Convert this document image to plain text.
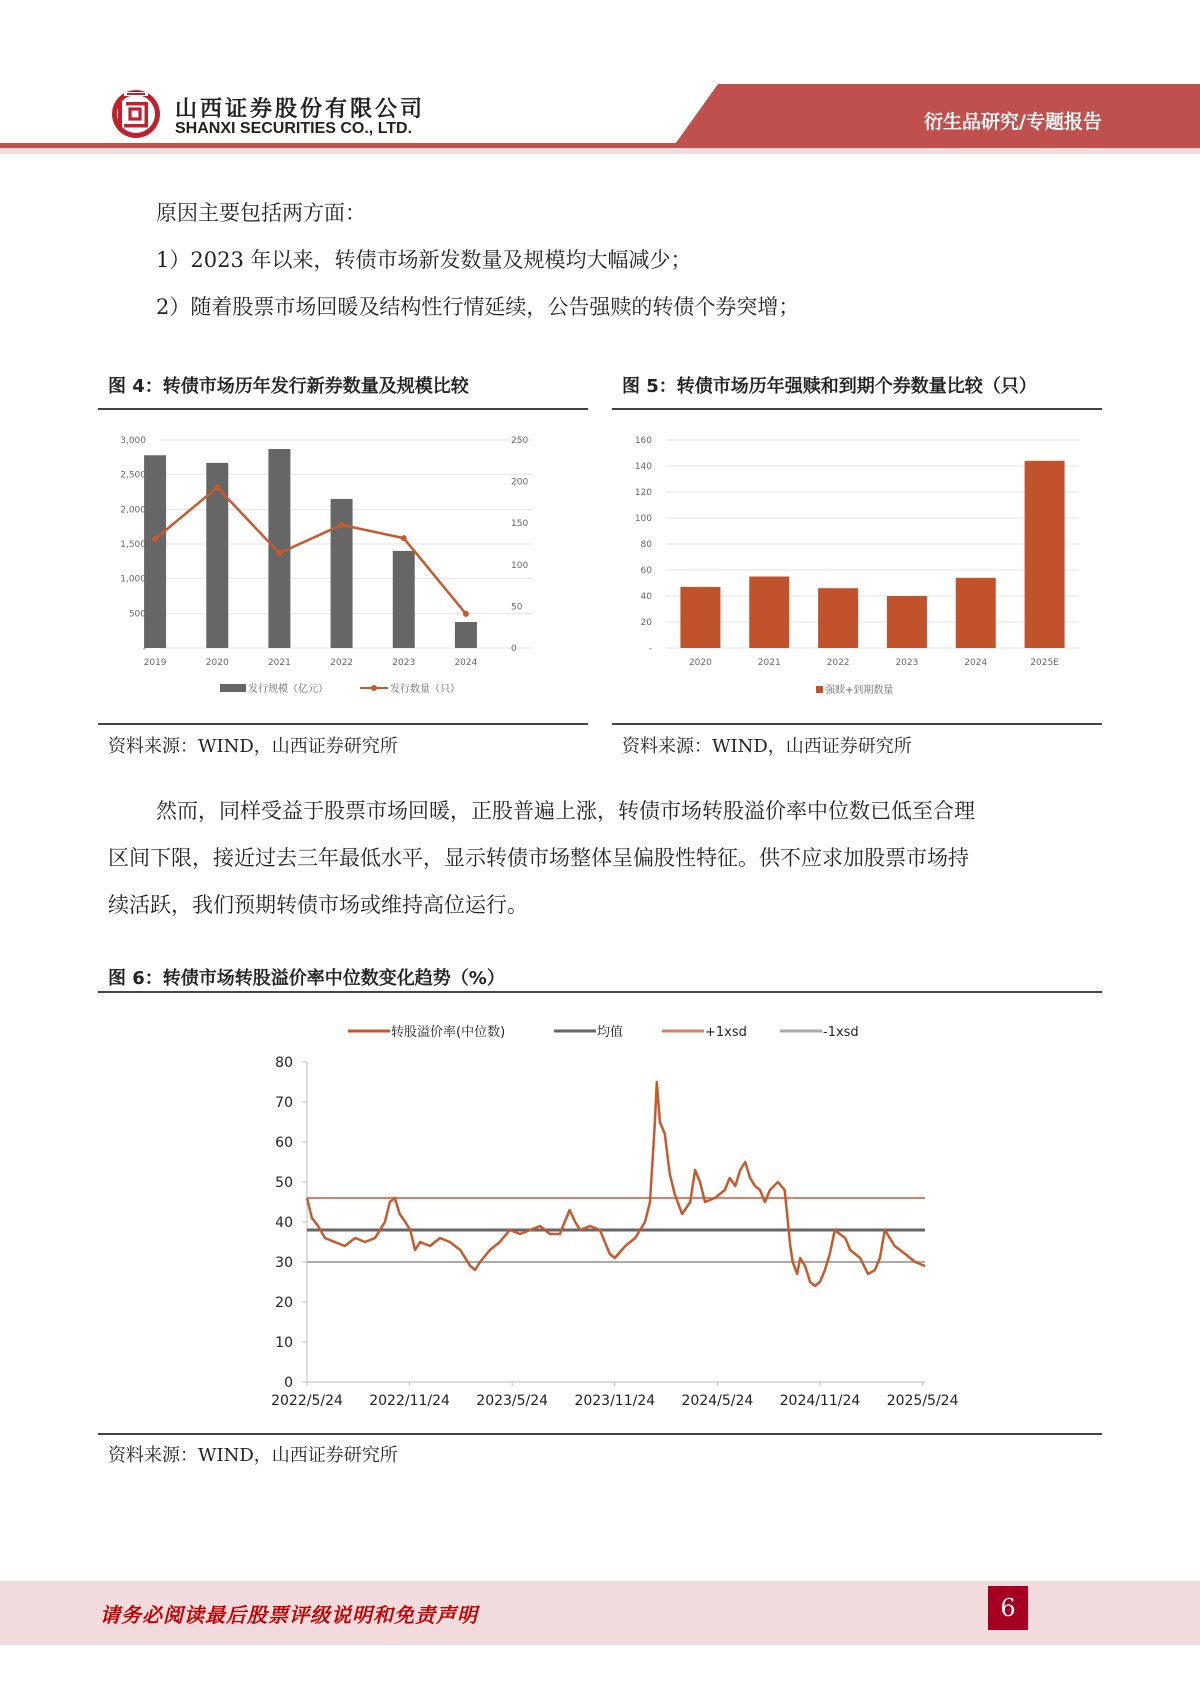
山西证券股份有限公司
SHANXI SECURITIES CO., LTD.	衍生品研究/专题报告
原因主要包括两方面：
1）2023 年以来，转债市场新发数量及规模均大幅减少；
2）随着股票市场回暖及结构性行情延续，公告强赎的转债个券突增；
图 4：转债市场历年发行新券数量及规模比较
-
500
1,000
1,500
2,000
2,500
3,000
0
50
100
150
200
250
2019	2020	2021	2022	2023	2024
发行规模（亿元）	发行数量（只）
资料来源：WIND，山西证券研究所
图 5：转债市场历年强赎和到期个券数量比较（只）
-
20
40
60
80
100
120
140
160
2020	2021	2022	2023	2024	2025E
强赎+到期数量
资料来源：WIND，山西证券研究所
然而，同样受益于股票市场回暖，正股普遍上涨，转债市场转股溢价率中位数已低至合理
区间下限，接近过去三年最低水平，显示转债市场整体呈偏股性特征。供不应求加股票市场持
续活跃，我们预期转债市场或维持高位运行。
图 6：转债市场转股溢价率中位数变化趋势（%）
转股溢价率(中位数)	均值	+1xsd	-1xsd
0
10
20
30
40
50
60
70
80
2022/5/24 2022/11/24 2023/5/24 2023/11/24 2024/5/24 2024/11/24 2025/5/24
资料来源：WIND，山西证券研究所
请务必阅读最后股票评级说明和免责声明	6
